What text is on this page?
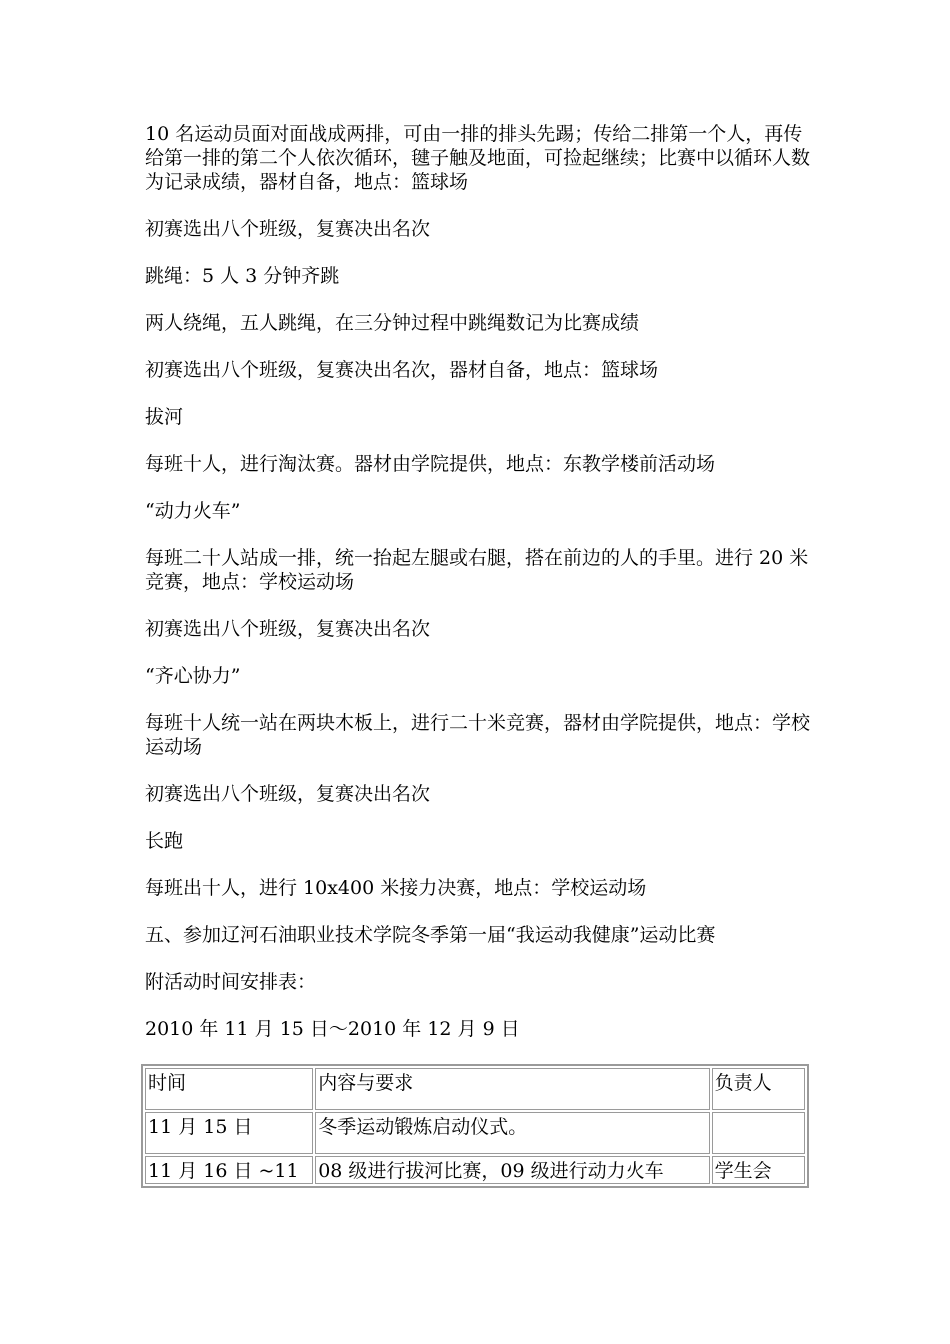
10 名运动员面对面战成两排，可由一排的排头先踢；传给二排第一个人，再传给第一排的第二个人依次循环，毽子触及地面，可捡起继续；比赛中以循环人数为记录成绩，器材自备，地点：篮球场

初赛选出八个班级，复赛决出名次

跳绳：5 人 3 分钟齐跳

两人绕绳，五人跳绳，在三分钟过程中跳绳数记为比赛成绩

初赛选出八个班级，复赛决出名次，器材自备，地点：篮球场

拔河

每班十人，进行淘汰赛。器材由学院提供，地点：东教学楼前活动场

“动力火车”

每班二十人站成一排，统一抬起左腿或右腿，搭在前边的人的手里。进行 20 米竞赛，地点：学校运动场

初赛选出八个班级，复赛决出名次

“齐心协力”

每班十人统一站在两块木板上，进行二十米竞赛，器材由学院提供，地点：学校运动场

初赛选出八个班级，复赛决出名次

长跑

每班出十人，进行 10x400 米接力决赛，地点：学校运动场

五、参加辽河石油职业技术学院冬季第一届“我运动我健康”运动比赛

附活动时间安排表：

2010 年 11 月 15 日～2010 年 12 月 9 日

时间	内容与要求	负责人
11 月 15 日	冬季运动锻炼启动仪式。	
11 月 16 日 ~11	08 级进行拔河比赛，09 级进行动力火车	学生会
